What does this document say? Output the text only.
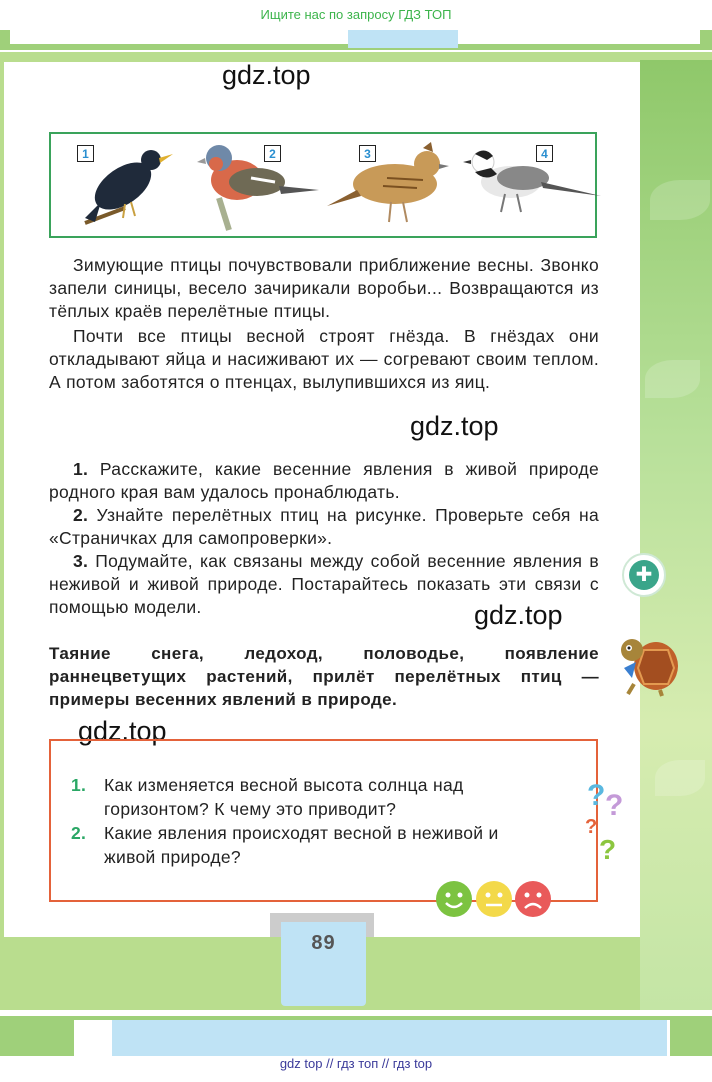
Ищите нас по запросу ГДЗ ТОП
gdz.top
1	2	3	4

Зимующие птицы почувствовали приближение весны. Звонко запели синицы, весело зачирикали воробьи... Возвращаются из тёплых краёв перелётные птицы.

Почти все птицы весной строят гнёзда. В гнёздах они откладывают яйца и насиживают их — согревают своим теплом. А потом заботятся о птенцах, вылупившихся из яиц.

gdz.top

1. Расскажите, какие весенние явления в живой природе родного края вам удалось пронаблюдать.

2. Узнайте перелётных птиц на рисунке. Проверьте себя на «Страничках для самопроверки».

3. Подумайте, как связаны между собой весенние явления в неживой и живой природе. Постарайтесь показать эти связи с помощью модели.	gdz.top
Таяние снега, ледоход, половодье, появление раннецветущих растений, прилёт перелётных птиц — примеры весенних явлений в природе.
gdz.top
1. Как изменяется весной высота солнца над горизонтом? К чему это приводит?
2. Какие явления происходят весной в неживой и живой природе?
? ?
?
?
✚
89
gdz top // гдз топ // гдз top
